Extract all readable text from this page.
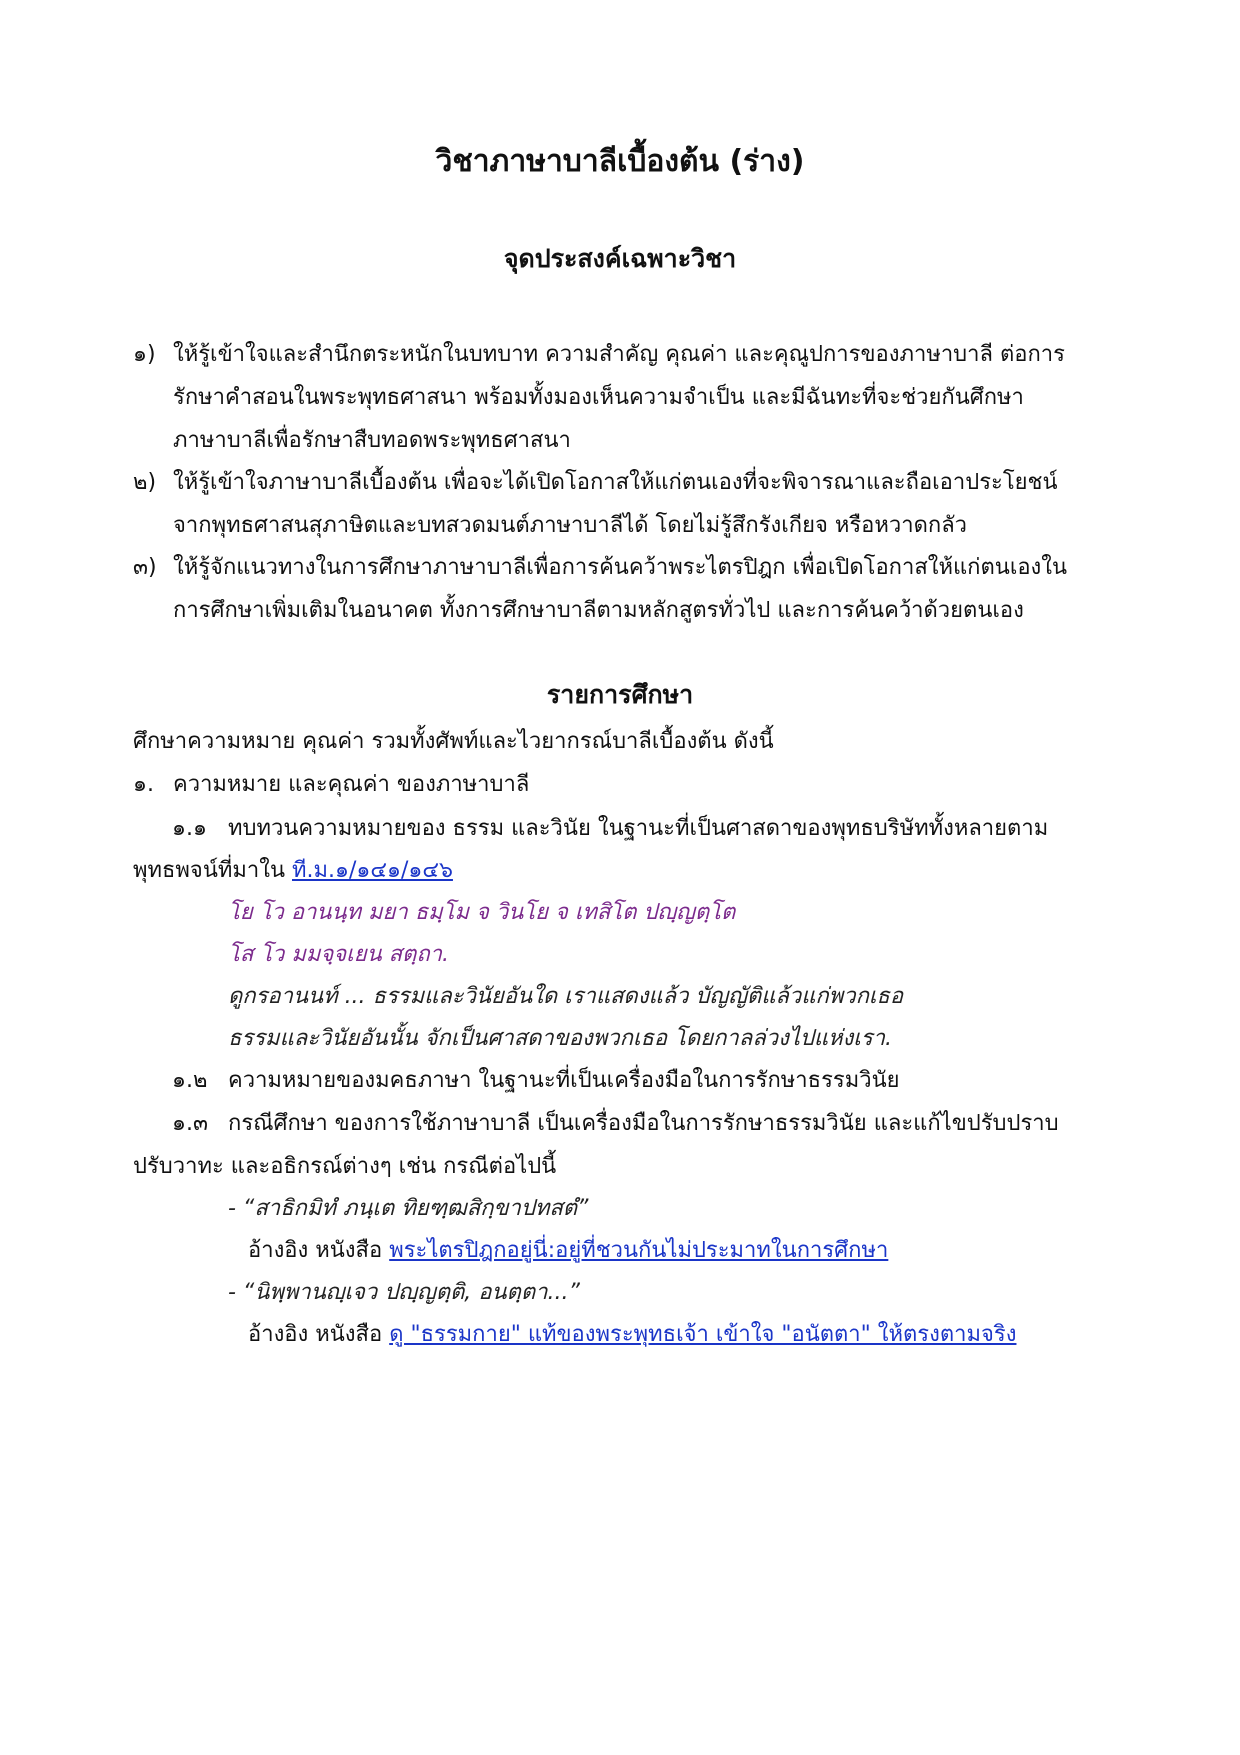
วิชาภาษาบาลีเบื้องต้น (ร่าง)
จุดประสงค์เฉพาะวิชา
๑) ให้รู้เข้าใจและสำนึกตระหนักในบทบาท ความสำคัญ คุณค่า และคุณูปการของภาษาบาลี ต่อการ
รักษาคำสอนในพระพุทธศาสนา พร้อมทั้งมองเห็นความจำเป็น และมีฉันทะที่จะช่วยกันศึกษา
ภาษาบาลีเพื่อรักษาสืบทอดพระพุทธศาสนา
๒) ให้รู้เข้าใจภาษาบาลีเบื้องต้น เพื่อจะได้เปิดโอกาสให้แก่ตนเองที่จะพิจารณาและถือเอาประโยชน์
จากพุทธศาสนสุภาษิตและบทสวดมนต์ภาษาบาลีได้ โดยไม่รู้สึกรังเกียจ หรือหวาดกลัว
๓) ให้รู้จักแนวทางในการศึกษาภาษาบาลีเพื่อการค้นคว้าพระไตรปิฎก เพื่อเปิดโอกาสให้แก่ตนเองใน
การศึกษาเพิ่มเติมในอนาคต ทั้งการศึกษาบาลีตามหลักสูตรทั่วไป และการค้นคว้าด้วยตนเอง
รายการศึกษา
ศึกษาความหมาย คุณค่า รวมทั้งศัพท์และไวยากรณ์บาลีเบื้องต้น ดังนี้
๑. ความหมาย และคุณค่า ของภาษาบาลี
๑.๑ ทบทวนความหมายของ ธรรม และวินัย ในฐานะที่เป็นศาสดาของพุทธบริษัททั้งหลายตาม
พุทธพจน์ที่มาใน ที.ม.๑/๑๔๑/๑๔๖
โย โว อานนฺท มยา ธมฺโม จ วินโย จ เทสิโต ปญฺญตฺโต
โส โว มมจฺจเยน สตฺถา.
ดูกรอานนท์ ... ธรรมและวินัยอันใด เราแสดงแล้ว บัญญัติแล้วแก่พวกเธอ
ธรรมและวินัยอันนั้น จักเป็นศาสดาของพวกเธอ โดยกาลล่วงไปแห่งเรา.
๑.๒ ความหมายของมคธภาษา ในฐานะที่เป็นเครื่องมือในการรักษาธรรมวินัย
๑.๓ กรณีศึกษา ของการใช้ภาษาบาลี เป็นเครื่องมือในการรักษาธรรมวินัย และแก้ไขปรับปราบ
ปรับวาทะ และอธิกรณ์ต่างๆ เช่น กรณีต่อไปนี้
- “สาธิกมิทํ ภนฺเต ทิยฑฺฒสิกฺขาปทสตํ”
อ้างอิง หนังสือ พระไตรปิฎกอยู่นี่:อยู่ที่ชวนกันไม่ประมาทในการศึกษา
- “นิพฺพานญฺเจว ปญฺญตฺติ, อนตฺตา...”
อ้างอิง หนังสือ ดู "ธรรมกาย" แท้ของพระพุทธเจ้า เข้าใจ "อนัตตา" ให้ตรงตามจริง
